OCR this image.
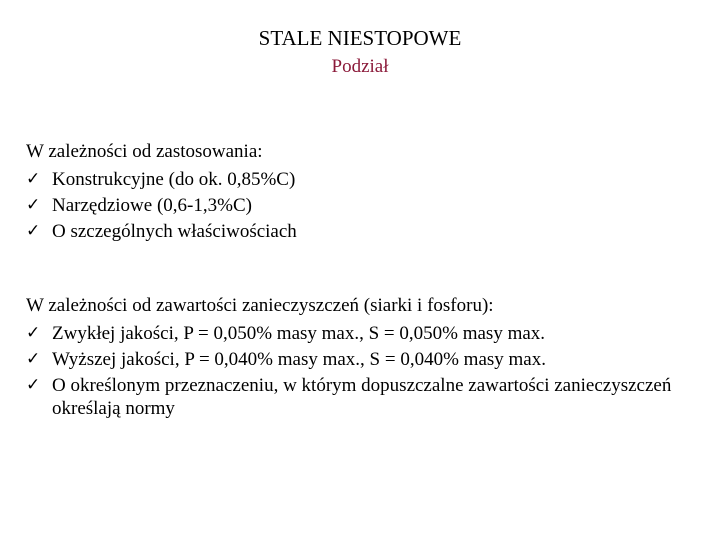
STALE NIESTOPOWE
Podział
W zależności od zastosowania:
✓ Konstrukcyjne (do ok. 0,85%C)
✓ Narzędziowe (0,6-1,3%C)
✓ O szczególnych właściwościach
W zależności od zawartości zanieczyszczeń (siarki i fosforu):
✓ Zwykłej jakości, P = 0,050% masy max., S = 0,050% masy max.
✓ Wyższej jakości, P = 0,040% masy max., S = 0,040% masy max.
✓ O określonym przeznaczeniu, w którym dopuszczalne zawartości zanieczyszczeń określają normy
